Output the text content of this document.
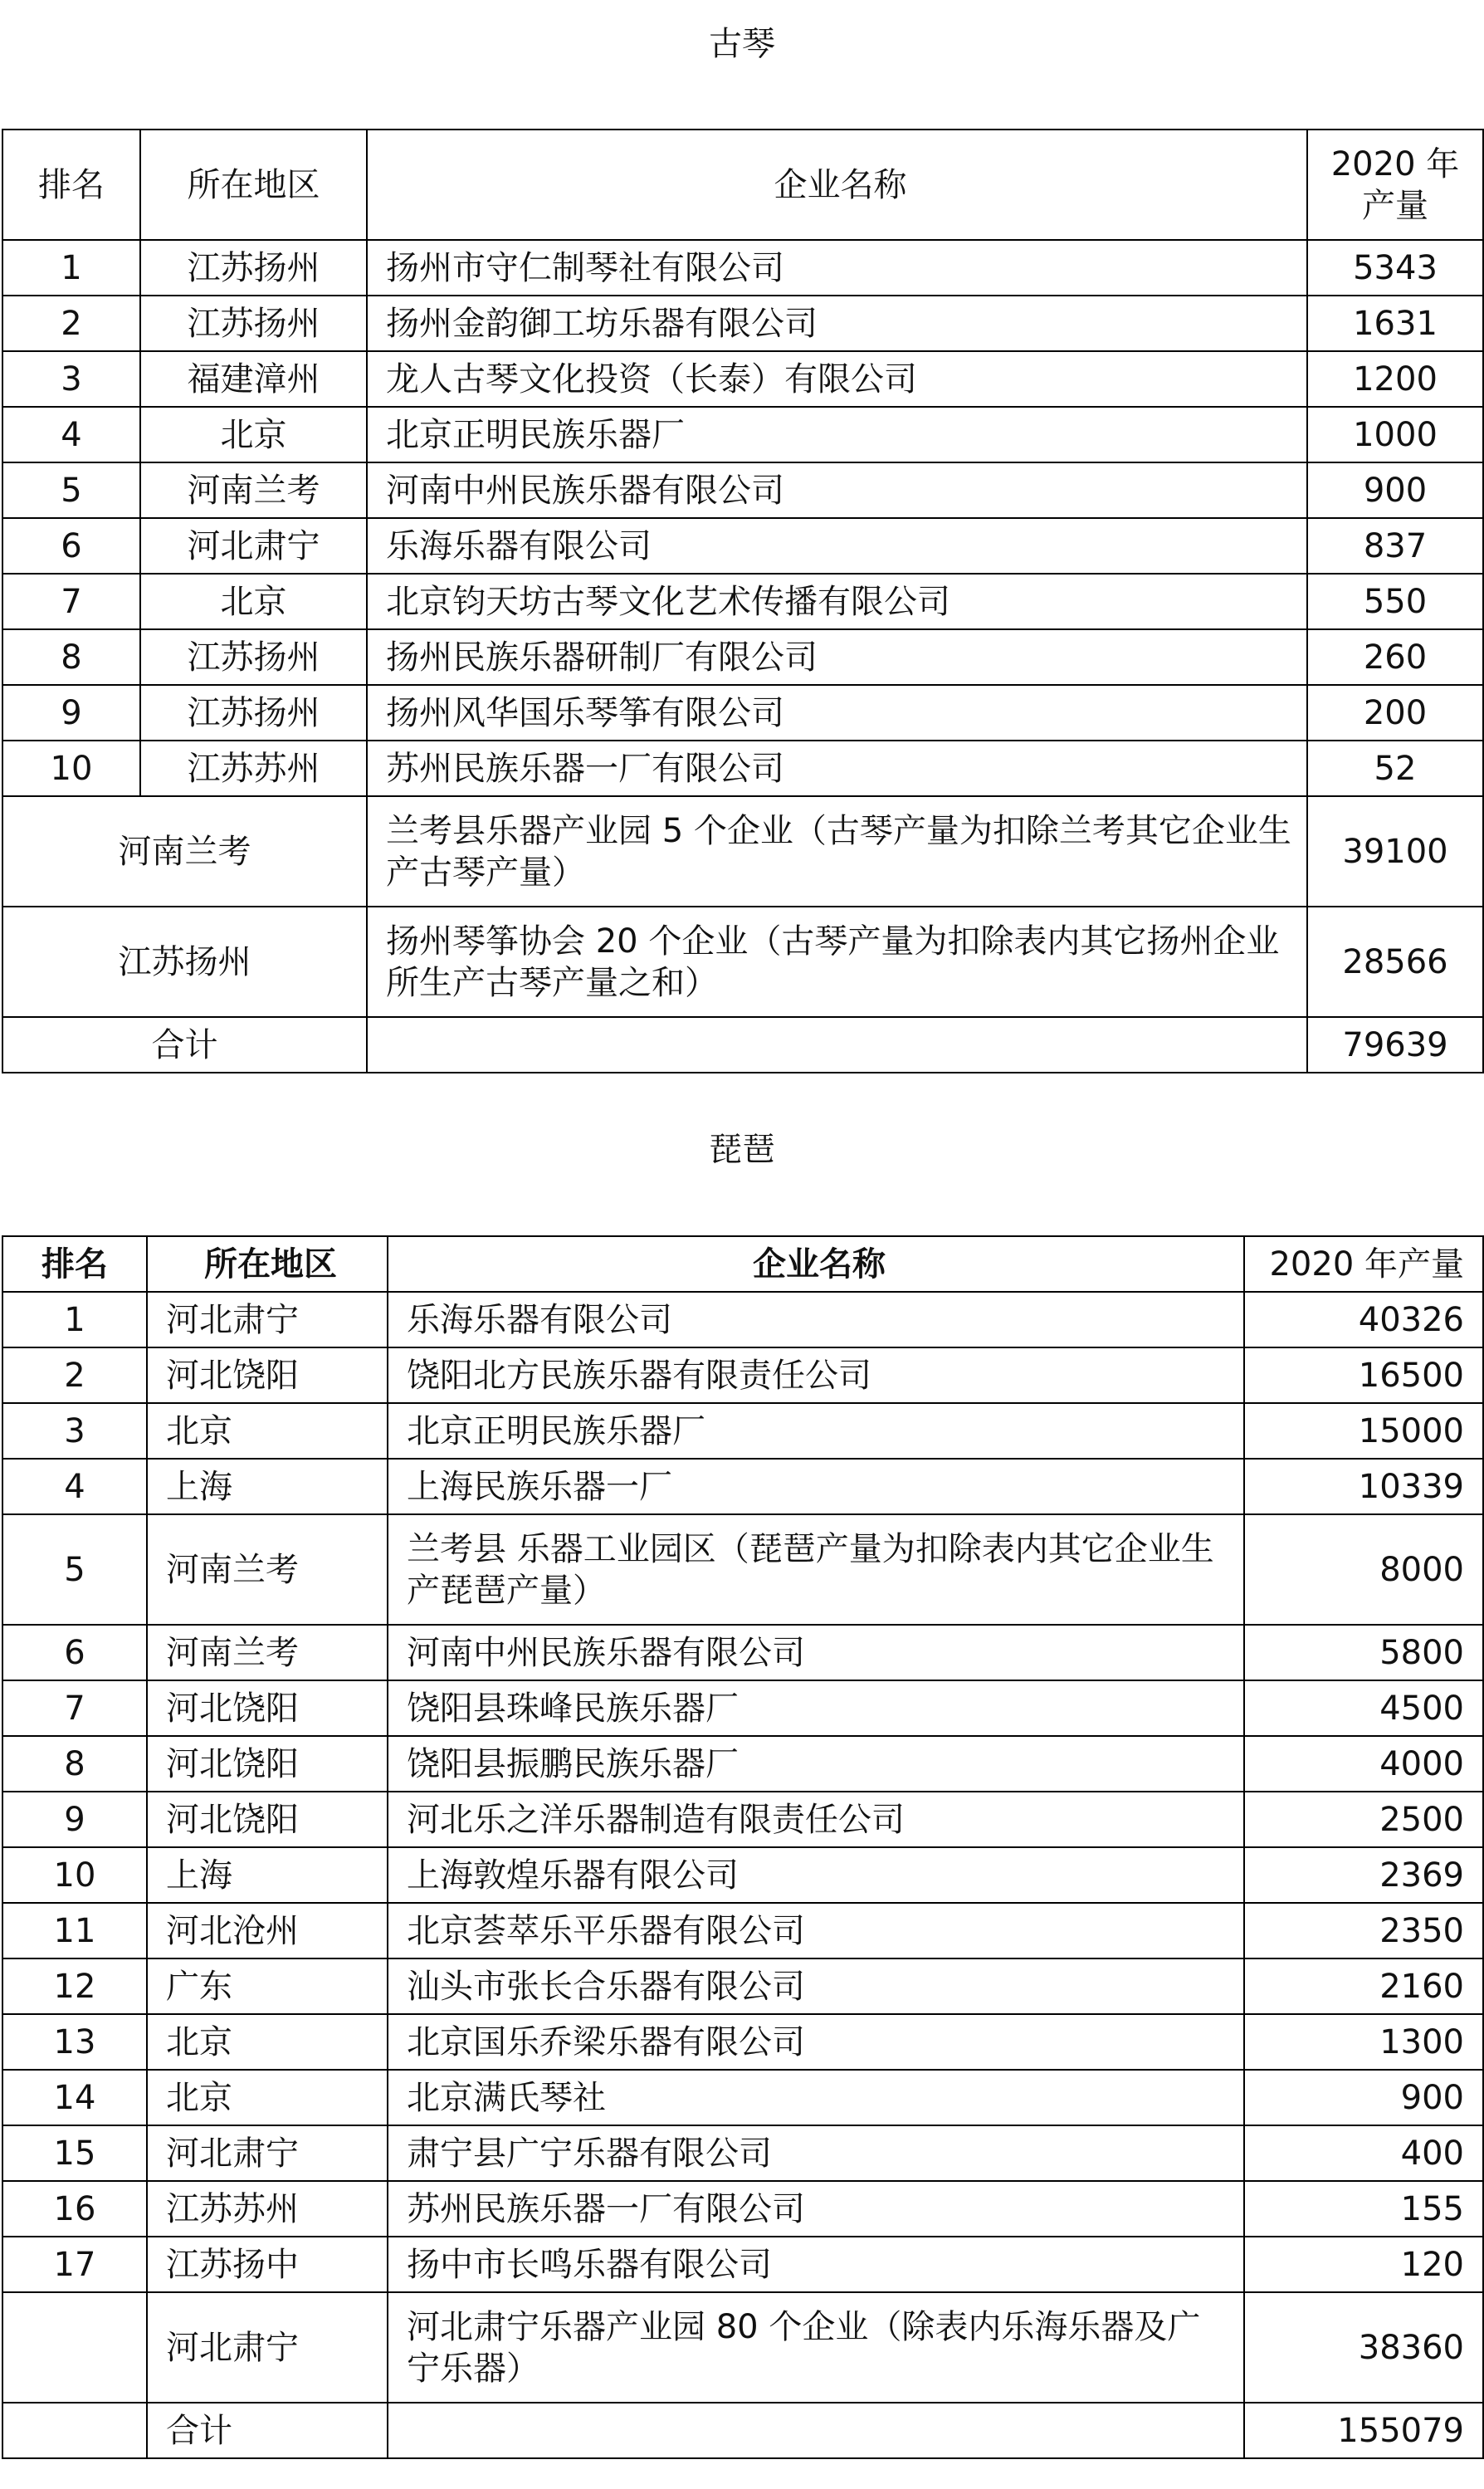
古琴
排名	所在地区	企业名称	2020 年产量
1	江苏扬州	扬州市守仁制琴社有限公司	5343
2	江苏扬州	扬州金韵御工坊乐器有限公司	1631
3	福建漳州	龙人古琴文化投资（长泰）有限公司	1200
4	北京	北京正明民族乐器厂	1000
5	河南兰考	河南中州民族乐器有限公司	900
6	河北肃宁	乐海乐器有限公司	837
7	北京	北京钧天坊古琴文化艺术传播有限公司	550
8	江苏扬州	扬州民族乐器研制厂有限公司	260
9	江苏扬州	扬州风华国乐琴筝有限公司	200
10	江苏苏州	苏州民族乐器一厂有限公司	52
河南兰考		兰考县乐器产业园 5 个企业（古琴产量为扣除兰考其它企业生产古琴产量）	39100
江苏扬州		扬州琴筝协会 20 个企业（古琴产量为扣除表内其它扬州企业所生产古琴产量之和）	28566
合计			79639
琵琶
排名	所在地区	企业名称	2020 年产量
1	河北肃宁	乐海乐器有限公司	40326
2	河北饶阳	饶阳北方民族乐器有限责任公司	16500
3	北京	北京正明民族乐器厂	15000
4	上海	上海民族乐器一厂	10339
5	河南兰考	兰考县 乐器工业园区（琵琶产量为扣除表内其它企业生产琵琶产量）	8000
6	河南兰考	河南中州民族乐器有限公司	5800
7	河北饶阳	饶阳县珠峰民族乐器厂	4500
8	河北饶阳	饶阳县振鹏民族乐器厂	4000
9	河北饶阳	河北乐之洋乐器制造有限责任公司	2500
10	上海	上海敦煌乐器有限公司	2369
11	河北沧州	北京荟萃乐平乐器有限公司	2350
12	广东	汕头市张长合乐器有限公司	2160
13	北京	北京国乐乔梁乐器有限公司	1300
14	北京	北京满氏琴社	900
15	河北肃宁	肃宁县广宁乐器有限公司	400
16	江苏苏州	苏州民族乐器一厂有限公司	155
17	江苏扬中	扬中市长鸣乐器有限公司	120
	河北肃宁	河北肃宁乐器产业园 80 个企业（除表内乐海乐器及广宁乐器）	38360
	合计		155079
